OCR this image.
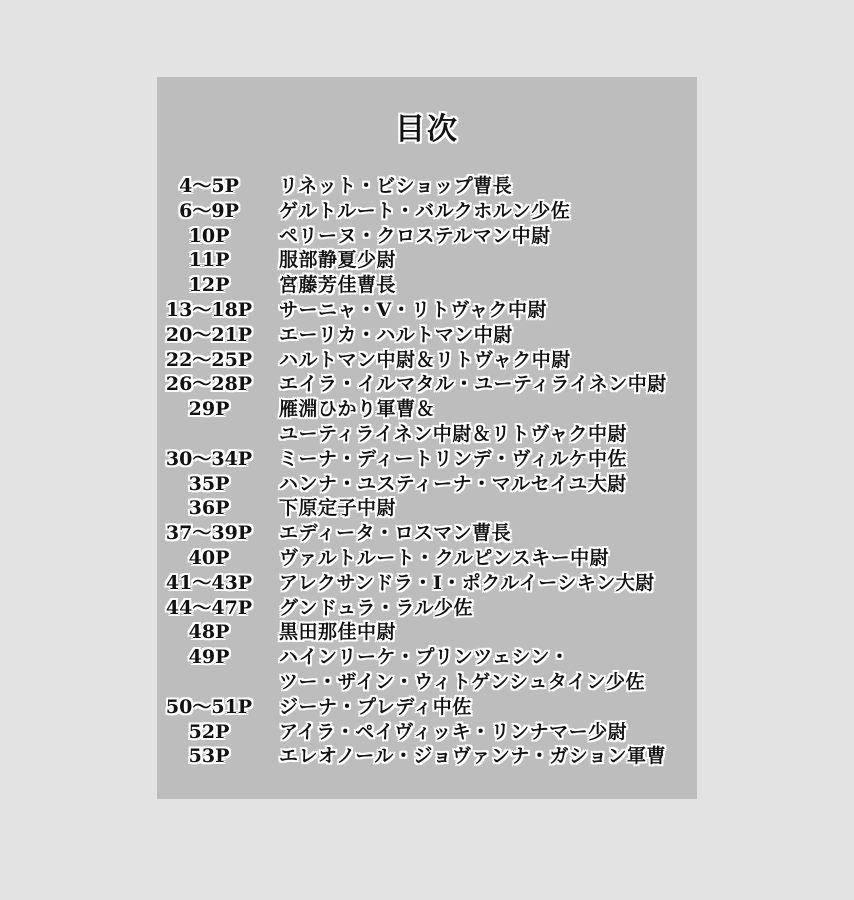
目次
4～5P	リネット・ビショップ曹長
6～9P	ゲルトルート・バルクホルン少佐
10P	ペリーヌ・クロステルマン中尉
11P	服部静夏少尉
12P	宮藤芳佳曹長
13～18P	サーニャ・V・リトヴャク中尉
20～21P	エーリカ・ハルトマン中尉
22～25P	ハルトマン中尉＆リトヴャク中尉
26～28P	エイラ・イルマタル・ユーティライネン中尉
29P	雁淵ひかり軍曹＆
ユーティライネン中尉＆リトヴャク中尉
30～34P	ミーナ・ディートリンデ・ヴィルケ中佐
35P	ハンナ・ユスティーナ・マルセイユ大尉
36P	下原定子中尉
37～39P	エディータ・ロスマン曹長
40P	ヴァルトルート・クルピンスキー中尉
41～43P	アレクサンドラ・I・ポクルイーシキン大尉
44～47P	グンドュラ・ラル少佐
48P	黒田那佳中尉
49P	ハインリーケ・プリンツェシン・
ツー・ザイン・ウィトゲンシュタイン少佐
50～51P	ジーナ・プレディ中佐
52P	アイラ・ペイヴィッキ・リンナマー少尉
53P	エレオノール・ジョヴァンナ・ガション軍曹
